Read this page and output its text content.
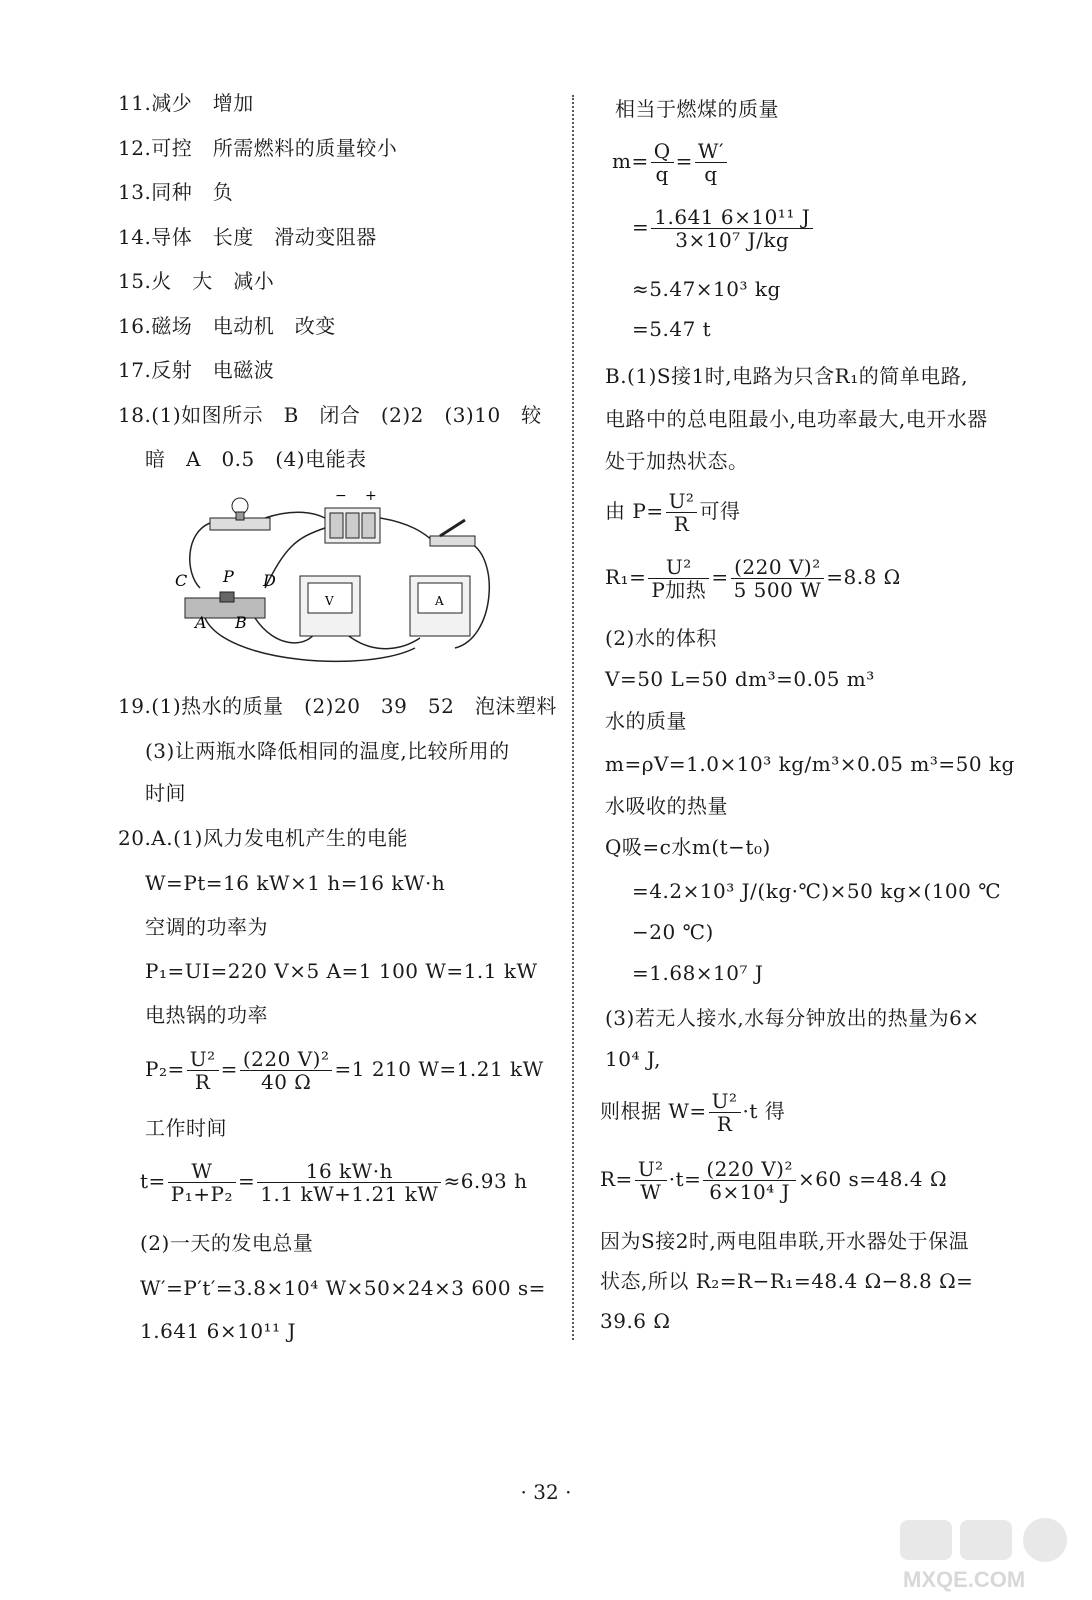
11.减少　增加
12.可控　所需燃料的质量较小
13.同种　负
14.导体　长度　滑动变阻器
15.火　大　减小
16.磁场　电动机　改变
17.反射　电磁波
18.(1)如图所示　B　闭合　(2)2　(3)10　较
暗　A　0.5　(4)电能表
− +
C P D
A B
V	A
19.(1)热水的质量　(2)20　39　52　泡沫塑料
(3)让两瓶水降低相同的温度,比较所用的
时间
20.A.(1)风力发电机产生的电能
W=Pt=16 kW×1 h=16 kW·h
空调的功率为
P₁=UI=220 V×5 A=1 100 W=1.1 kW
电热锅的功率
$P_2= \frac{\text{U²}}{R} = \frac{\text{(220 V)²}}{40 \Omega} =1$ 210 W=1.21 kW
工作时间
$t= \frac{W}{\text{P₁+P₂}} = \frac{16 kW\cdot h}{1.1 kW+1.21 kW} \approx 6.93$ h
(2)一天的发电总量
W′=P′t′=3.8×10⁴ W×50×24×3 600 s=
1.641 6×10¹¹ J
相当于燃煤的质量
$m= \frac{Q}{q} = \frac{W'}{q}$
= $\frac{\text{1.641 6×10¹¹ J}}{\text{3×10⁷ J/kg}}$
≈5.47×10³ kg
=5.47 t
B.(1)S接1时,电路为只含R₁的简单电路,
电路中的总电阻最小,电功率最大,电开水器
处于加热状态。
由 $P= \frac{\text{U²}}{R}$ 可得
$R_1= \frac{\text{U²}}{\text{P加热}} = \frac{\text{(220 V)²}}{5 500 W} =8.8$ Ω
(2)水的体积
V=50 L=50 dm³=0.05 m³
水的质量
m=ρV=1.0×10³ kg/m³×0.05 m³=50 kg
水吸收的热量
Q吸=c水m(t−t₀)
=4.2×10³ J/(kg·℃)×50 kg×(100 ℃
−20 ℃)
=1.68×10⁷ J
(3)若无人接水,水每分钟放出的热量为6×
10⁴ J,
则根据 $W= \frac{\text{U²}}{R} \cdot t$ 得
$R= \frac{\text{U²}}{W} \cdot t= \frac{\text{(220 V)²}}{\text{6×10⁴ J}} \times 60$ s=48.4 Ω
因为S接2时,两电阻串联,开水器处于保温
状态,所以 R₂=R−R₁=48.4 Ω−8.8 Ω=
39.6 Ω
· 32 ·
MXQE.COM
